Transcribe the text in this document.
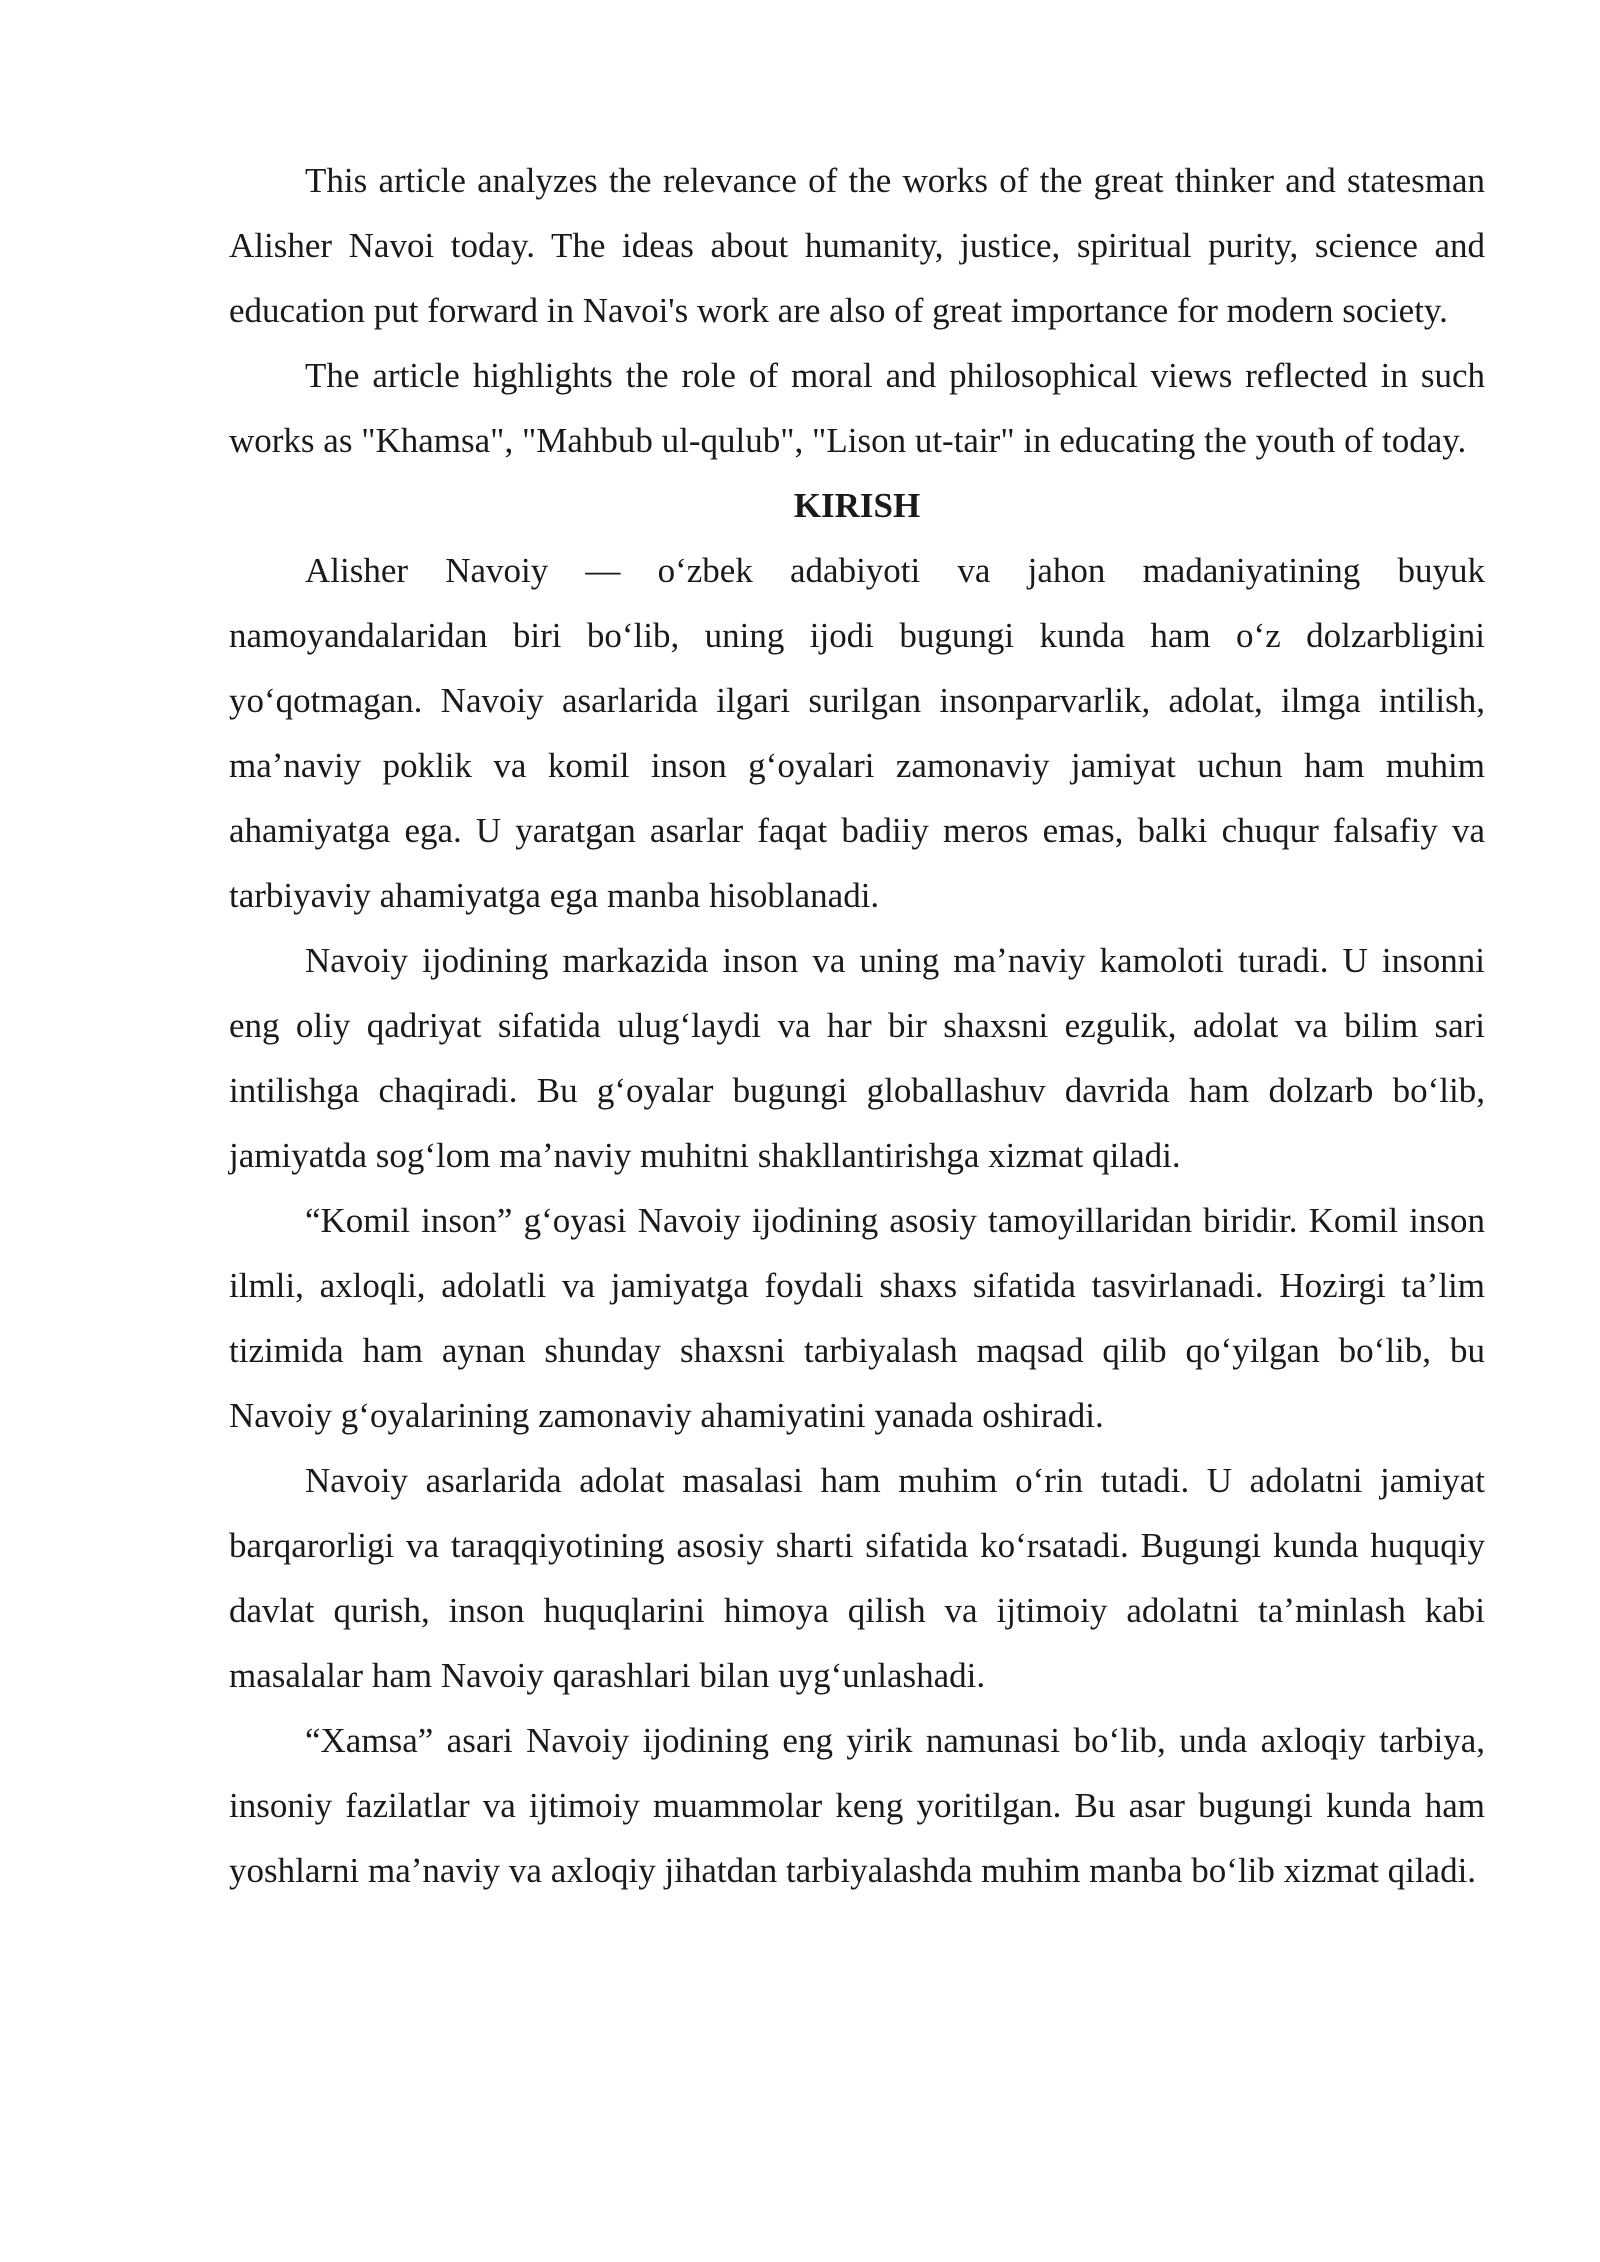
This article analyzes the relevance of the works of the great thinker and statesman Alisher Navoi today. The ideas about humanity, justice, spiritual purity, science and education put forward in Navoi's work are also of great importance for modern society.

The article highlights the role of moral and philosophical views reflected in such works as "Khamsa", "Mahbub ul-qulub", "Lison ut-tair" in educating the youth of today.

KIRISH

Alisher Navoiy — oʻzbek adabiyoti va jahon madaniyatining buyuk namoyandalaridan biri boʻlib, uning ijodi bugungi kunda ham oʻz dolzarbligini yoʻqotmagan. Navoiy asarlarida ilgari surilgan insonparvarlik, adolat, ilmga intilish, maʼnaviy poklik va komil inson gʻoyalari zamonaviy jamiyat uchun ham muhim ahamiyatga ega. U yaratgan asarlar faqat badiiy meros emas, balki chuqur falsafiy va tarbiyaviy ahamiyatga ega manba hisoblanadi.

Navoiy ijodining markazida inson va uning maʼnaviy kamoloti turadi. U insonni eng oliy qadriyat sifatida ulugʻlaydi va har bir shaxsni ezgulik, adolat va bilim sari intilishga chaqiradi. Bu gʻoyalar bugungi globallashuv davrida ham dolzarb boʻlib, jamiyatda sogʻlom maʼnaviy muhitni shakllantirishga xizmat qiladi.

“Komil inson” gʻoyasi Navoiy ijodining asosiy tamoyillaridan biridir. Komil inson ilmli, axloqli, adolatli va jamiyatga foydali shaxs sifatida tasvirlanadi. Hozirgi taʼlim tizimida ham aynan shunday shaxsni tarbiyalash maqsad qilib qoʻyilgan boʻlib, bu Navoiy gʻoyalarining zamonaviy ahamiyatini yanada oshiradi.

Navoiy asarlarida adolat masalasi ham muhim oʻrin tutadi. U adolatni jamiyat barqarorligi va taraqqiyotining asosiy sharti sifatida koʻrsatadi. Bugungi kunda huquqiy davlat qurish, inson huquqlarini himoya qilish va ijtimoiy adolatni taʼminlash kabi masalalar ham Navoiy qarashlari bilan uygʻunlashadi.

“Xamsa” asari Navoiy ijodining eng yirik namunasi boʻlib, unda axloqiy tarbiya, insoniy fazilatlar va ijtimoiy muammolar keng yoritilgan. Bu asar bugungi kunda ham yoshlarni maʼnaviy va axloqiy jihatdan tarbiyalashda muhim manba boʻlib xizmat qiladi.
